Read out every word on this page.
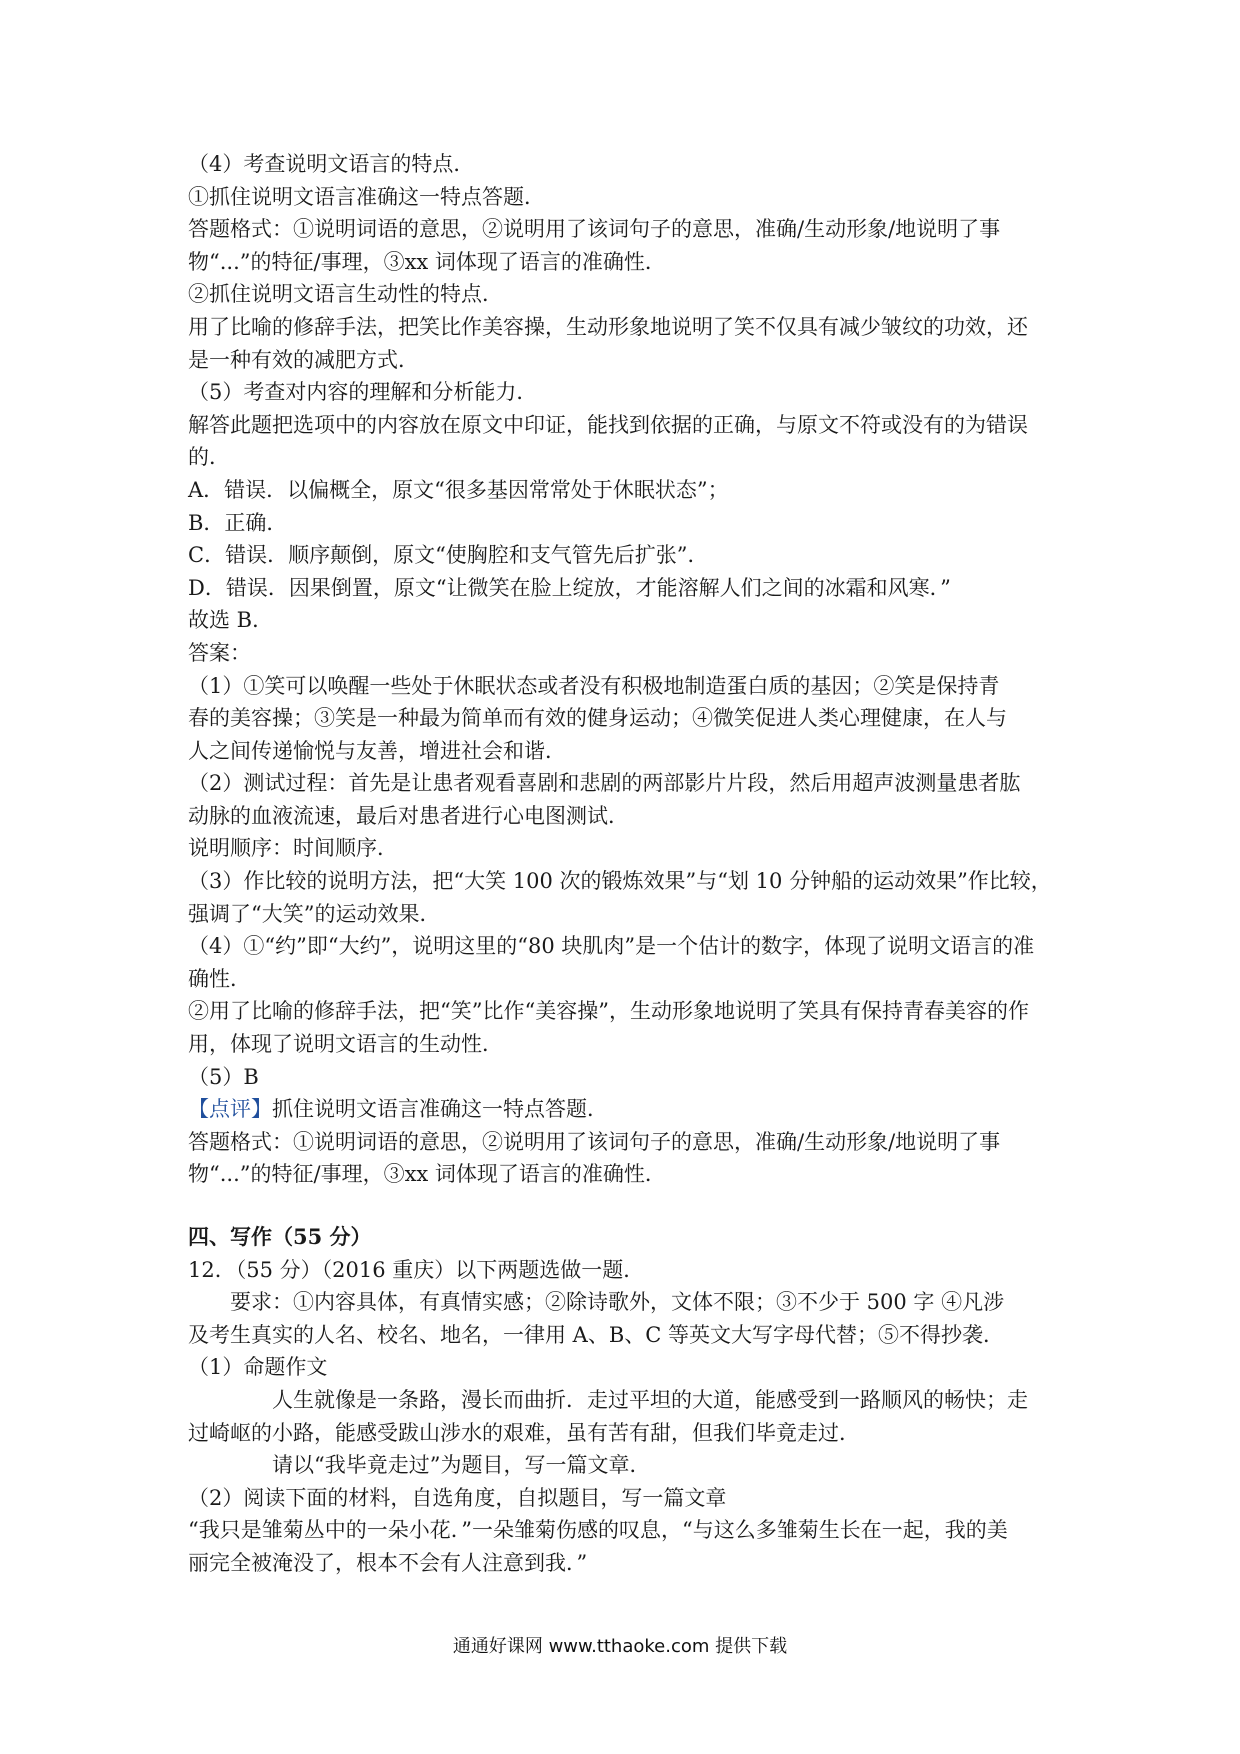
（4）考查说明文语言的特点．

①抓住说明文语言准确这一特点答题．

答题格式：①说明词语的意思，②说明用了该词句子的意思，准确/生动形象/地说明了事

物“...”的特征/事理，③xx 词体现了语言的准确性．

②抓住说明文语言生动性的特点．

用了比喻的修辞手法，把笑比作美容操，生动形象地说明了笑不仅具有减少皱纹的功效，还

是一种有效的减肥方式．

（5）考查对内容的理解和分析能力．

解答此题把选项中的内容放在原文中印证，能找到依据的正确，与原文不符或没有的为错误

的．

A．错误．以偏概全，原文“很多基因常常处于休眠状态”；

B．正确．

C．错误．顺序颠倒，原文“使胸腔和支气管先后扩张”．

D．错误．因果倒置，原文“让微笑在脸上绽放，才能溶解人们之间的冰霜和风寒．”

故选 B．

答案：

（1）①笑可以唤醒一些处于休眠状态或者没有积极地制造蛋白质的基因；②笑是保持青

春的美容操；③笑是一种最为简单而有效的健身运动；④微笑促进人类心理健康，在人与

人之间传递愉悦与友善，增进社会和谐．

（2）测试过程：首先是让患者观看喜剧和悲剧的两部影片片段，然后用超声波测量患者肱

动脉的血液流速，最后对患者进行心电图测试．

说明顺序：时间顺序．

（3）作比较的说明方法，把“大笑 100 次的锻炼效果”与“划 10 分钟船的运动效果”作比较，

强调了“大笑”的运动效果．

（4）①“约”即“大约”，说明这里的“80 块肌肉”是一个估计的数字，体现了说明文语言的准

确性．

②用了比喻的修辞手法，把“笑”比作“美容操”，生动形象地说明了笑具有保持青春美容的作

用，体现了说明文语言的生动性．

（5）B

【点评】抓住说明文语言准确这一特点答题．

答题格式：①说明词语的意思，②说明用了该词句子的意思，准确/生动形象/地说明了事

物“...”的特征/事理，③xx 词体现了语言的准确性．

四、写作（55 分）

12．（55 分）（2016 重庆）以下两题选做一题．

要求：①内容具体，有真情实感；②除诗歌外，文体不限；③不少于 500 字 ④凡涉

及考生真实的人名、校名、地名，一律用 A、B、C 等英文大写字母代替；⑤不得抄袭．

（1）命题作文

人生就像是一条路，漫长而曲折．走过平坦的大道，能感受到一路顺风的畅快；走

过崎岖的小路，能感受跋山涉水的艰难，虽有苦有甜，但我们毕竟走过．

请以“我毕竟走过”为题目，写一篇文章．

（2）阅读下面的材料，自选角度，自拟题目，写一篇文章

“我只是雏菊丛中的一朵小花．”一朵雏菊伤感的叹息，“与这么多雏菊生长在一起，我的美

丽完全被淹没了，根本不会有人注意到我．”

通通好课网 www.tthaoke.com 提供下载
